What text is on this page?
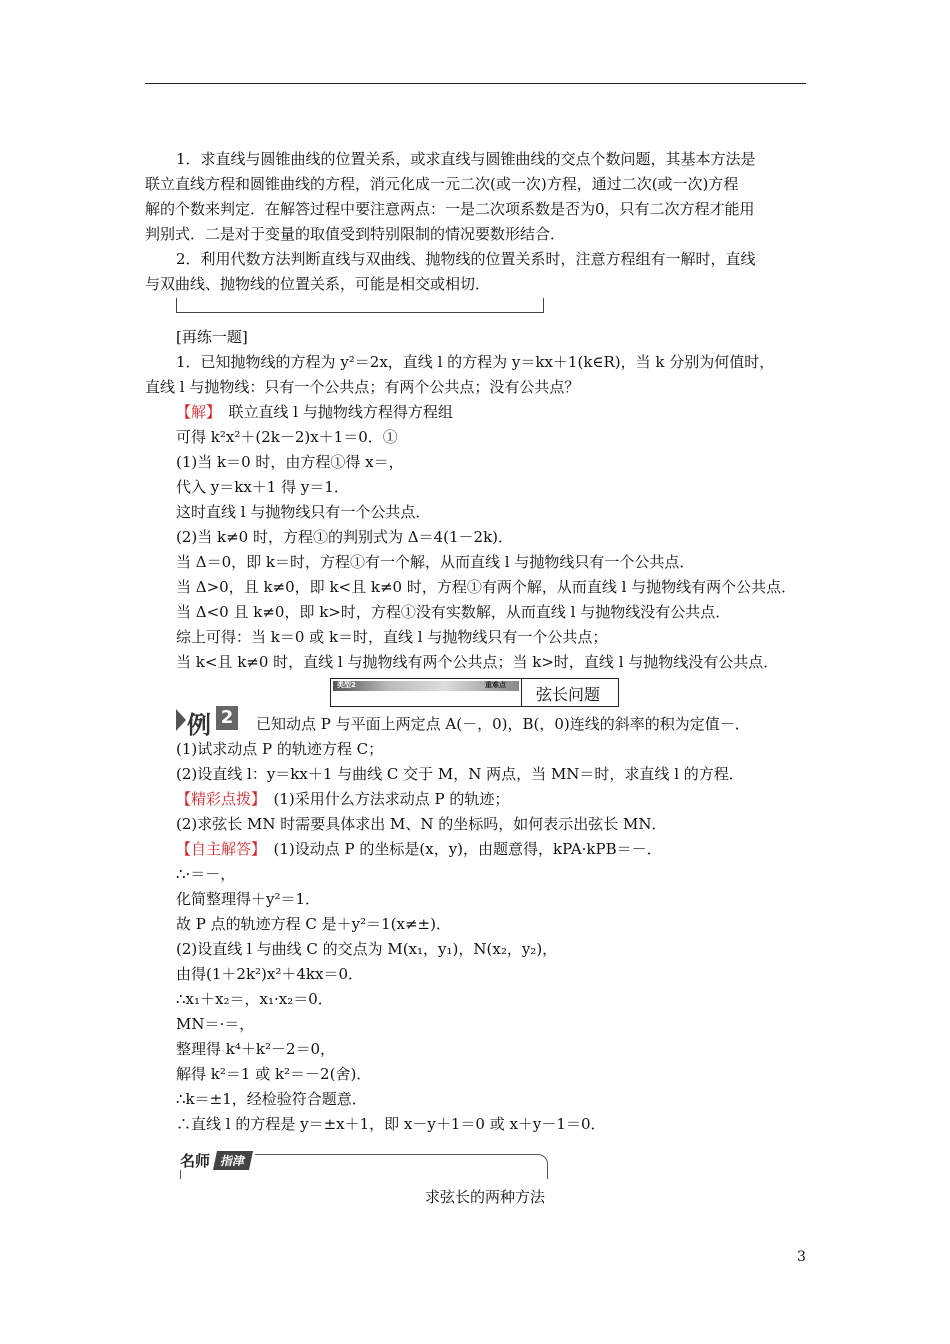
1．求直线与圆锥曲线的位置关系，或求直线与圆锥曲线的交点个数问题，其基本方法是
联立直线方程和圆锥曲线的方程，消元化成一元二次(或一次)方程，通过二次(或一次)方程
解的个数来判定．在解答过程中要注意两点：一是二次项系数是否为0，只有二次方程才能用
判别式．二是对于变量的取值受到特别限制的情况要数形结合．
2．利用代数方法判断直线与双曲线、抛物线的位置关系时，注意方程组有一解时，直线
与双曲线、抛物线的位置关系，可能是相交或相切．
[再练一题]
1．已知抛物线的方程为 y²＝2x，直线 l 的方程为 y＝kx＋1(k∈R)，当 k 分别为何值时，
直线 l 与抛物线：只有一个公共点；有两个公共点；没有公共点？
【解】　联立直线 l 与抛物线方程得方程组
可得 k²x²＋(2k－2)x＋1＝0．①
(1)当 k＝0 时，由方程①得 x＝，
代入 y＝kx＋1 得 y＝1．
这时直线 l 与抛物线只有一个公共点．
(2)当 k≠0 时，方程①的判别式为 Δ＝4(1－2k)．
当 Δ＝0，即 k＝时，方程①有一个解，从而直线 l 与抛物线只有一个公共点．
当 Δ>0，且 k≠0，即 k<且 k≠0 时，方程①有两个解，从而直线 l 与抛物线有两个公共点．
当 Δ<0 且 k≠0，即 k>时，方程①没有实数解，从而直线 l 与抛物线没有公共点．
综上可得：当 k＝0 或 k＝时，直线 l 与抛物线只有一个公共点；
当 k<且 k≠0 时，直线 l 与抛物线有两个公共点；当 k>时，直线 l 与抛物线没有公共点．
类型2	重难点 弦长问题
例 2	已知动点 P 与平面上两定点 A(－，0)，B(，0)连线的斜率的积为定值－．
(1)试求动点 P 的轨迹方程 C；
(2)设直线 l：y＝kx＋1 与曲线 C 交于 M，N 两点，当 MN＝时，求直线 l 的方程．
【精彩点拨】　(1)采用什么方法求动点 P 的轨迹；
(2)求弦长 MN 时需要具体求出 M、N 的坐标吗，如何表示出弦长 MN．
【自主解答】　(1)设动点 P 的坐标是(x，y)，由题意得，kPA·kPB＝－．
∴·＝－，
化简整理得＋y²＝1．
故 P 点的轨迹方程 C 是＋y²＝1(x≠±)．
(2)设直线 l 与曲线 C 的交点为 M(x₁，y₁)，N(x₂，y₂)，
由得(1＋2k²)x²＋4kx＝0．
∴x₁＋x₂＝，x₁·x₂＝0．
MN＝·＝，
整理得 k⁴＋k²－2＝0，
解得 k²＝1 或 k²＝－2(舍)．
∴k＝±1，经检验符合题意．
∴直线 l 的方程是 y＝±x＋1，即 x－y＋1＝0 或 x＋y－1＝0．
名师 指津
求弦长的两种方法
3
